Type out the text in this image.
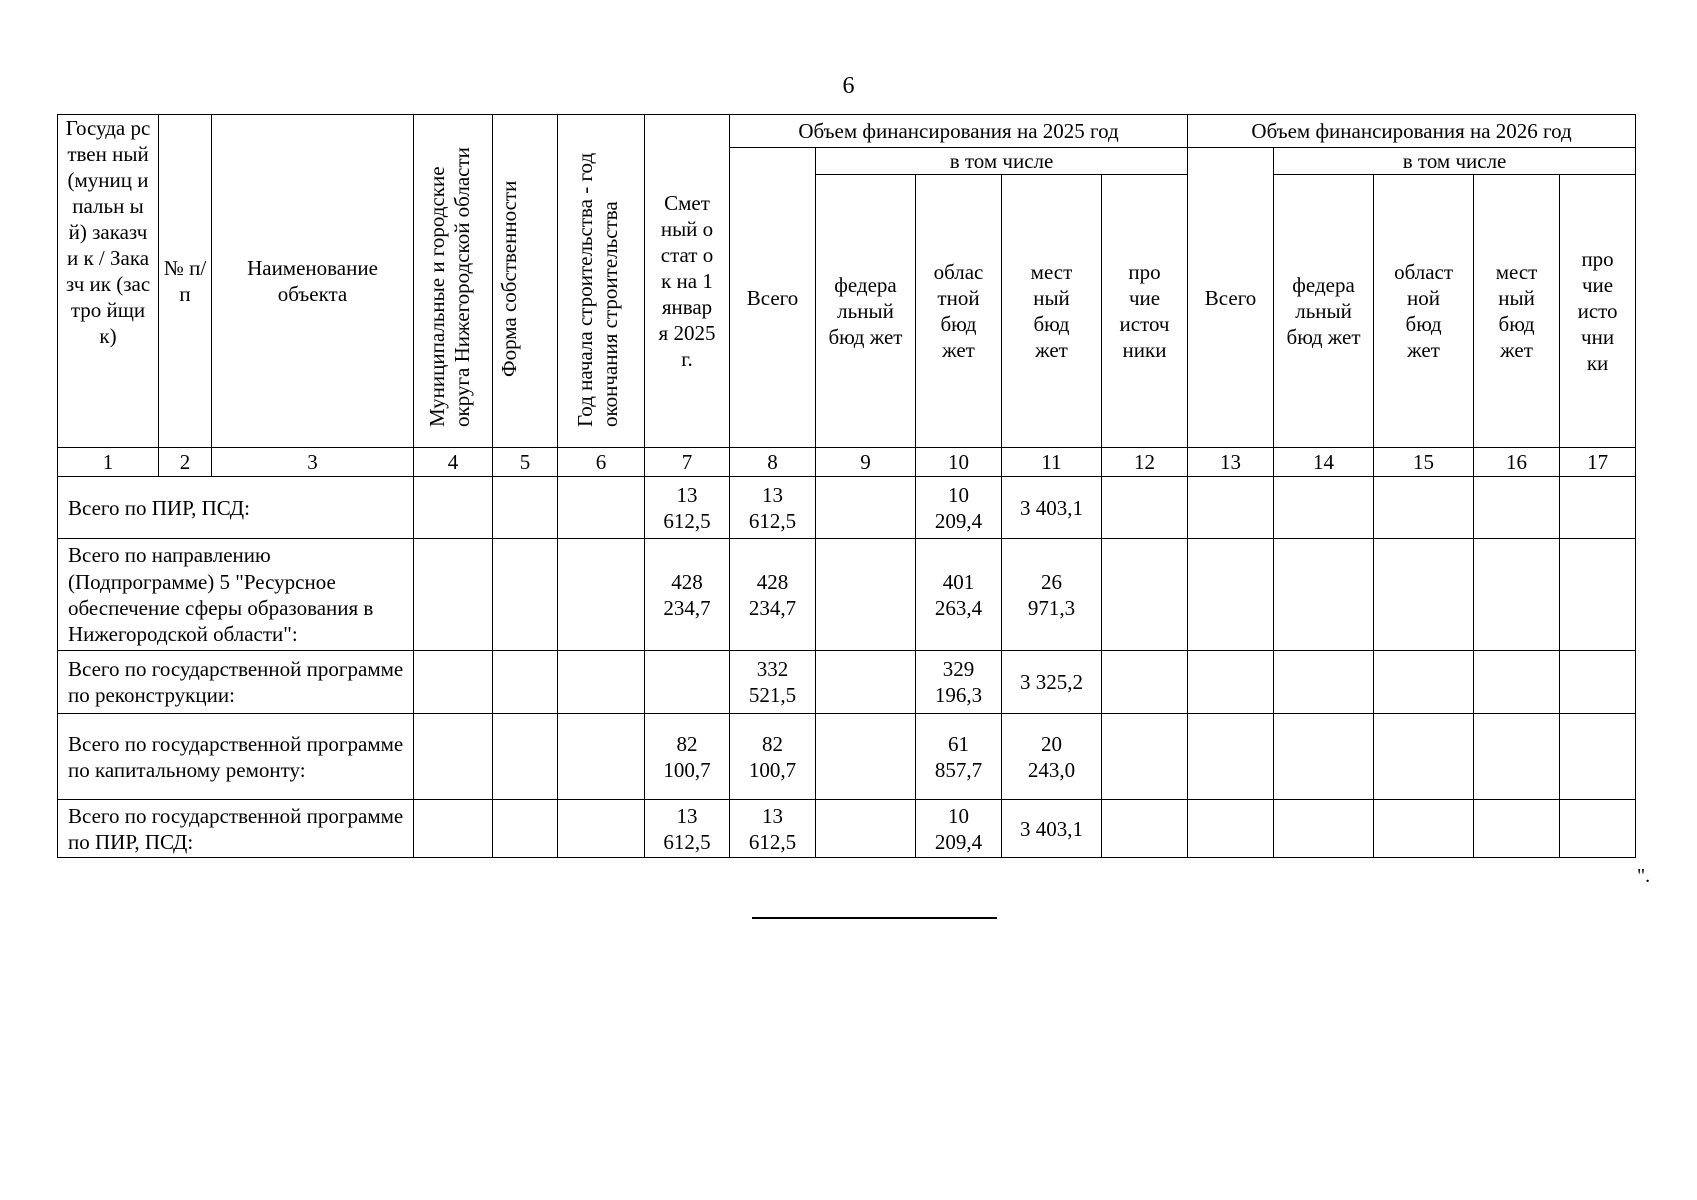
6
Госуда рствен ный (муниц ипальн ый) заказчи к / Заказч ик (застро йщик)	№ п/п	Наименование объекта	Муниципальные и городские округа Нижегородской области	Форма собственности	Год начала строительства - год окончания строительства	Смет ный остат ок на 1 январ я 2025 г.	Объем финансирования на 2025 год					Объем финансирования на 2026 год				
							Всего	в том числе				Всего	в том числе			

								федера льный бюд жет	облас тной бюд жет	мест ный бюд жет	про чие источ ники		федера льный бюд жет	област ной бюд жет	мест ный бюд жет	про чие исто чни ки

1	2	3	4	5	6	7	8	9	10	11	12	13	14	15	16	17
Всего по ПИР, ПСД:						13 612,5	13 612,5		10 209,4	3 403,1						
Всего по направлению (Подпрограмме) 5 "Ресурсное обеспечение сферы образования в Нижегородской области":						428 234,7	428 234,7		401 263,4	26 971,3						

Всего по государственной программе по реконструкции:							332 521,5		329 196,3	3 325,2						
Всего по государственной программе по капитальному ремонту:						82 100,7	82 100,7		61 857,7	20 243,0						

Всего по государственной программе по ПИР, ПСД:						13 612,5	13 612,5		10 209,4	3 403,1						
".
